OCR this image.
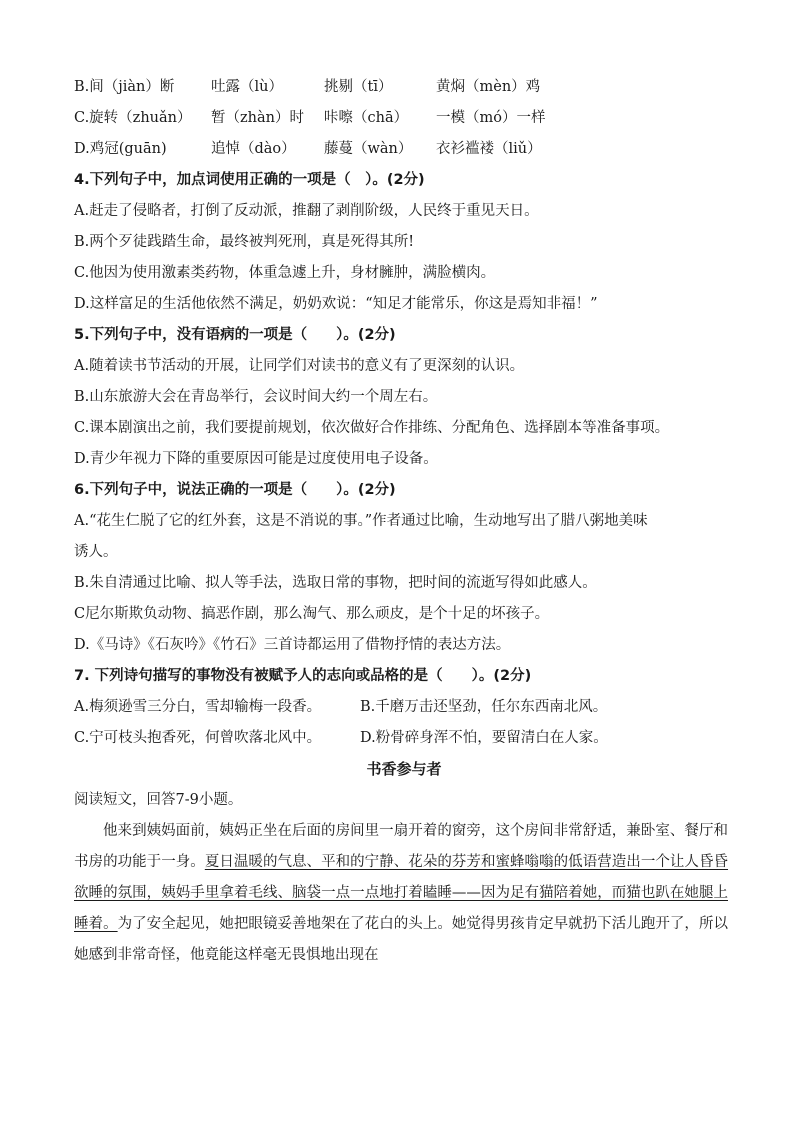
B.间（jiàn）断	吐露（lù）	挑剔（tī）	黄焖（mèn）鸡
C.旋转（zhuǎn） 暂（zhàn）时 咔嚓（chā） 一模（mó）一样
D.鸡冠(guān)	追悼（dào） 藤蔓（wàn） 衣衫褴褛（liǔ）
4.下列句子中，加点词使用正确的一项是（　）。(2分)
A.赶走了侵略者，打倒了反动派，推翻了剥削阶级，人民终于重见天日。
B.两个歹徒践踏生命，最终被判死刑，真是死得其所!
C.他因为使用激素类药物，体重急遽上升，身材臃肿，满脸横肉。
D.这样富足的生活他依然不满足，奶奶欢说：“知足才能常乐，你这是焉知非福！”
5.下列句子中，没有语病的一项是（　　）。(2分)
A.随着读书节活动的开展，让同学们对读书的意义有了更深刻的认识。
B.山东旅游大会在青岛举行，会议时间大约一个周左右。
C.课本剧演出之前，我们要提前规划，依次做好合作排练、分配角色、选择剧本等准备事项。
D.青少年视力下降的重要原因可能是过度使用电子设备。
6.下列句子中，说法正确的一项是（　　）。(2分)
A.“花生仁脱了它的红外套，这是不消说的事。”作者通过比喻，生动地写出了腊八粥地美味
诱人。
B.朱自清通过比喻、拟人等手法，选取日常的事物，把时间的流逝写得如此感人。
C尼尔斯欺负动物、搞恶作剧，那么淘气、那么顽皮，是个十足的坏孩子。
D.《马诗》《石灰吟》《竹石》三首诗都运用了借物抒情的表达方法。
7. 下列诗句描写的事物没有被赋予人的志向或品格的是（　　）。(2分)
A.梅须逊雪三分白，雪却输梅一段香。	B.千磨万击还坚劲，任尔东西南北风。
C.宁可枝头抱香死，何曾吹落北风中。	D.粉骨碎身浑不怕，要留清白在人家。
书香参与者
阅读短文，回答7-9小题。

他来到姨妈面前，姨妈正坐在后面的房间里一扇开着的窗旁，这个房间非常舒适，兼卧室、餐厅和书房的功能于一身。夏日温暖的气息、平和的宁静、花朵的芬芳和蜜蜂嗡嗡的低语营造出一个让人昏昏欲睡的氛围，姨妈手里拿着毛线、脑袋一点一点地打着瞌睡——因为足有猫陪着她，而猫也趴在她腿上睡着。为了安全起见，她把眼镜妥善地架在了花白的头上。她觉得男孩肯定早就扔下活儿跑开了，所以她感到非常奇怪，他竟能这样毫无畏惧地出现在
